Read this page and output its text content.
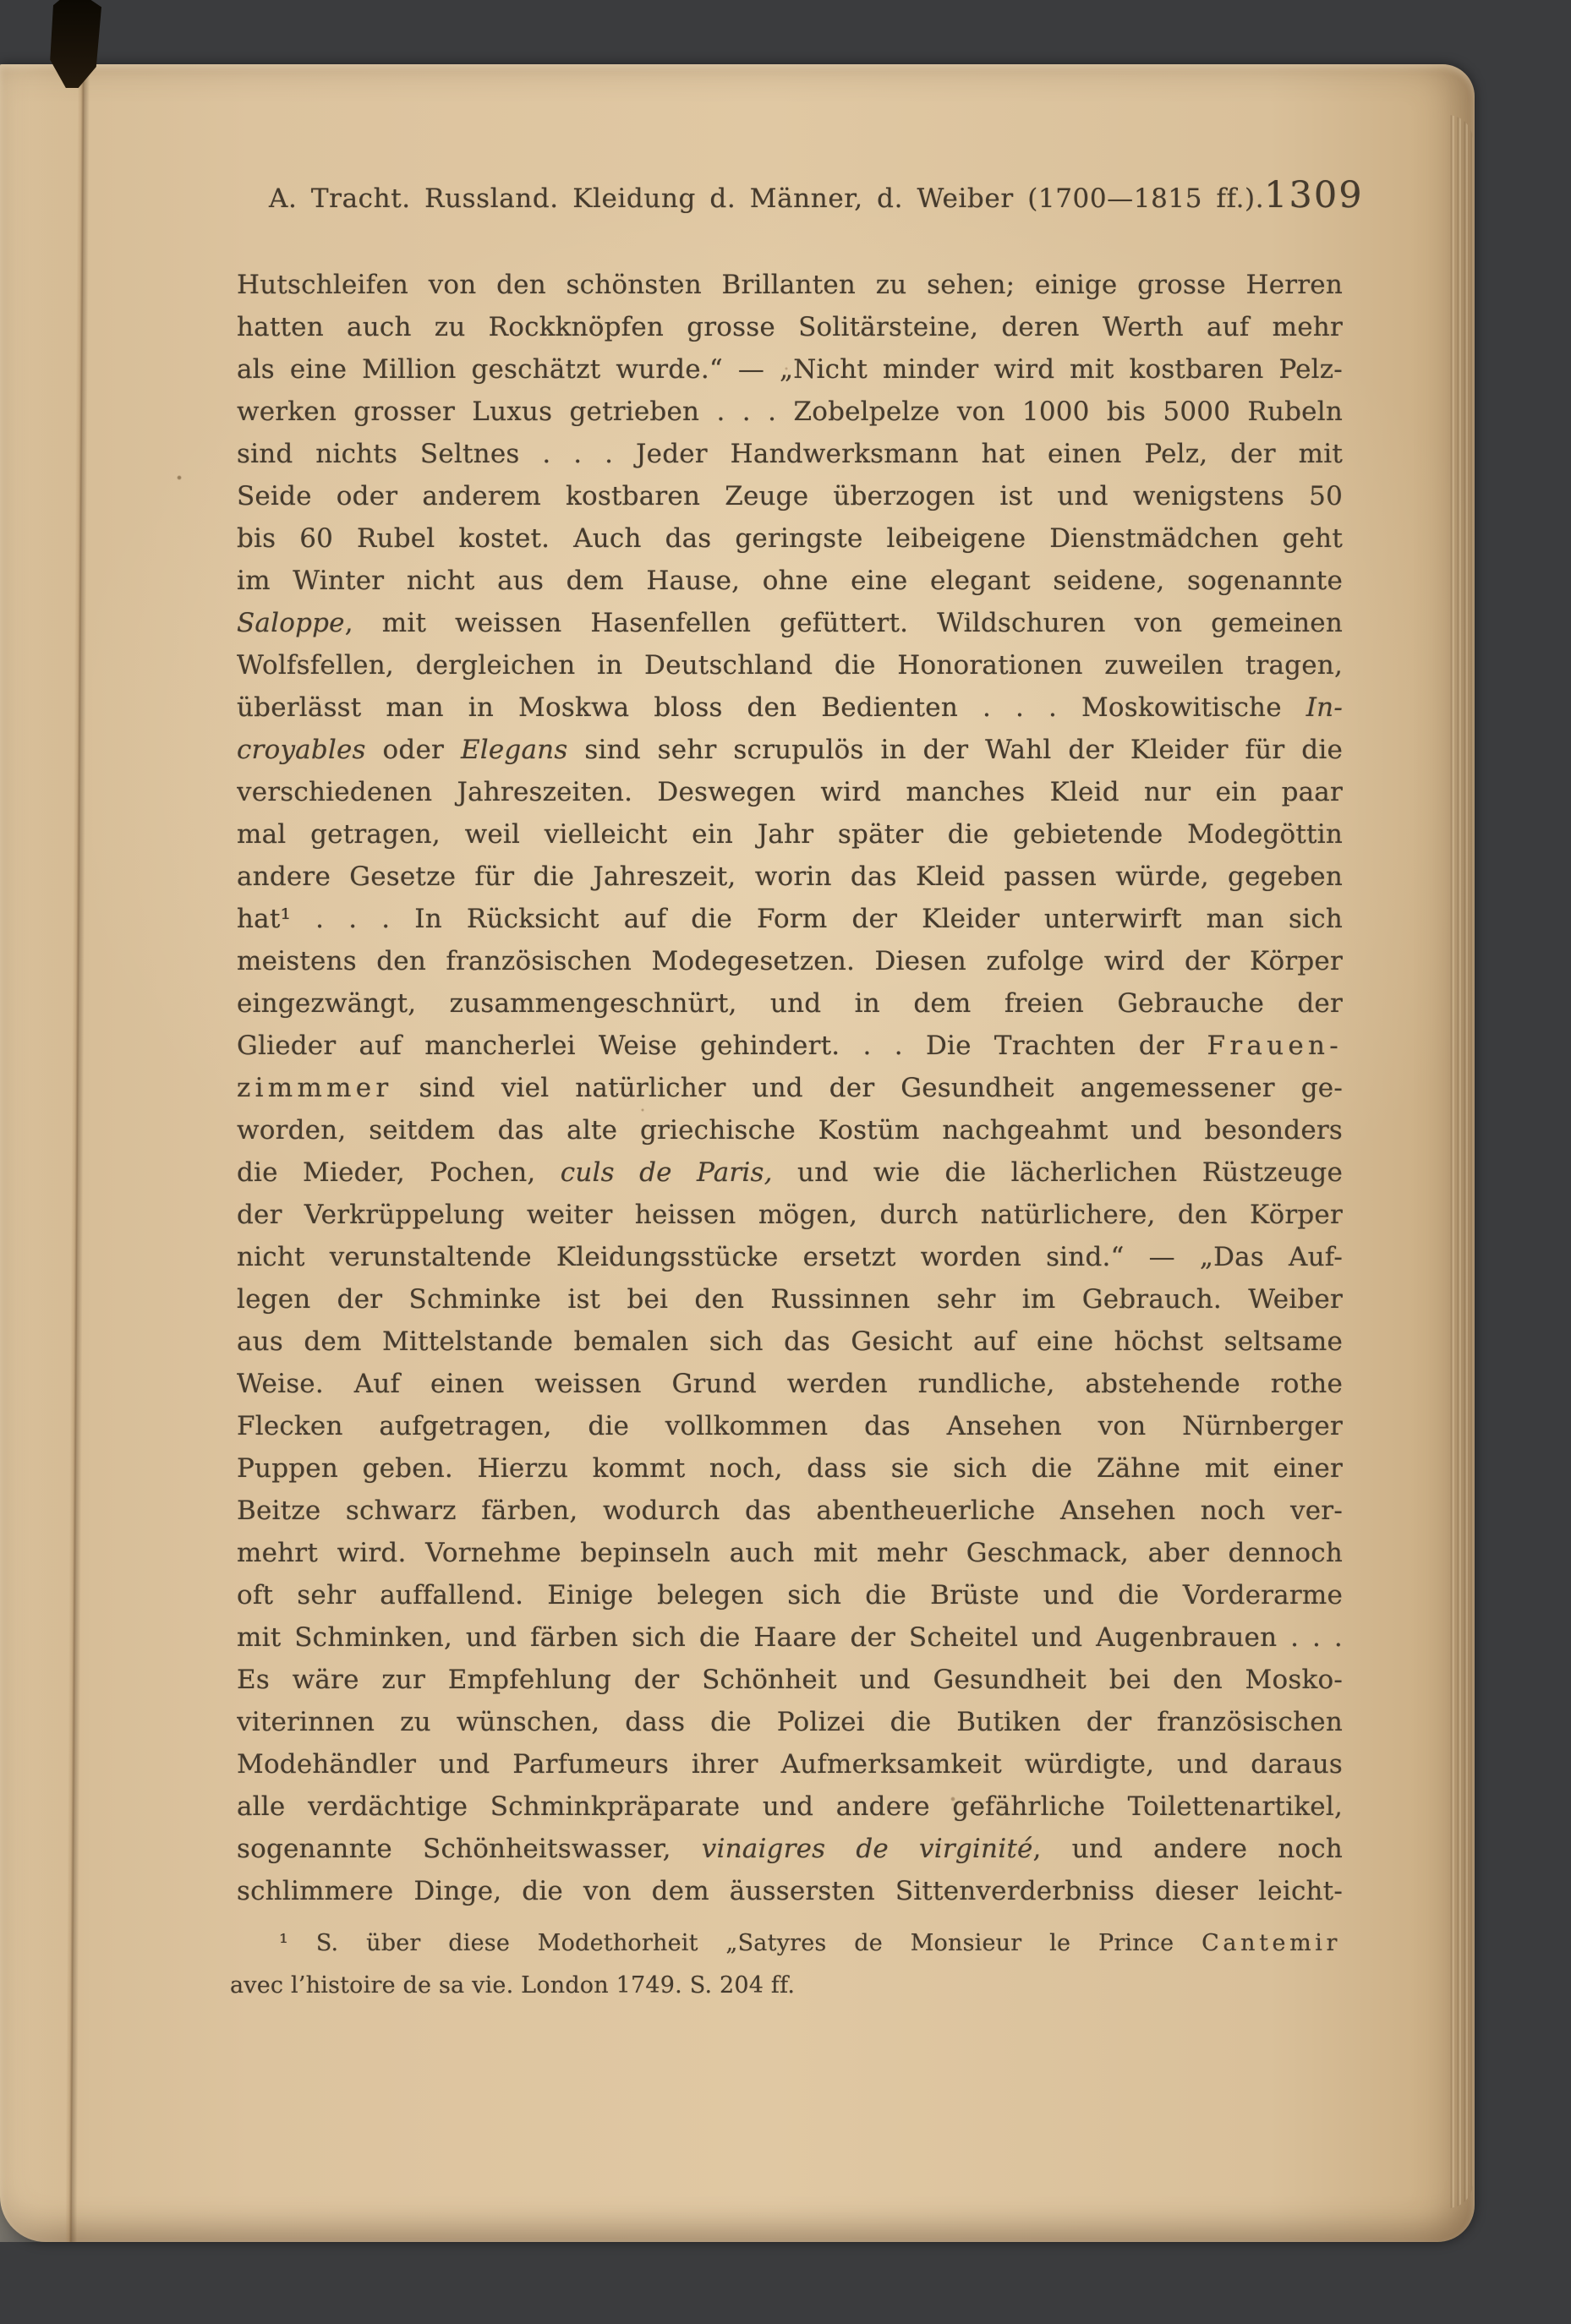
A. Tracht. Russland. Kleidung d. Männer, d. Weiber (1700—1815 ff.). 1309
Hutschleifen von den schönsten Brillanten zu sehen; einige grosse Herren
hatten auch zu Rockknöpfen grosse Solitärsteine, deren Werth auf mehr
als eine Million geschätzt wurde.“ — „Nicht minder wird mit kostbaren Pelz-
werken grosser Luxus getrieben . . . Zobelpelze von 1000 bis 5000 Rubeln
sind nichts Seltnes . . . Jeder Handwerksmann hat einen Pelz, der mit
Seide oder anderem kostbaren Zeuge überzogen ist und wenigstens 50
bis 60 Rubel kostet. Auch das geringste leibeigene Dienstmädchen geht
im Winter nicht aus dem Hause, ohne eine elegant seidene, sogenannte
Saloppe, mit weissen Hasenfellen gefüttert. Wildschuren von gemeinen
Wolfsfellen, dergleichen in Deutschland die Honorationen zuweilen tragen,
überlässt man in Moskwa bloss den Bedienten . . . Moskowitische In-
croyables oder Elegans sind sehr scrupulös in der Wahl der Kleider für die
verschiedenen Jahreszeiten. Deswegen wird manches Kleid nur ein paar
mal getragen, weil vielleicht ein Jahr später die gebietende Modegöttin
andere Gesetze für die Jahreszeit, worin das Kleid passen würde, gegeben
hat¹ . . . In Rücksicht auf die Form der Kleider unterwirft man sich
meistens den französischen Modegesetzen. Diesen zufolge wird der Körper
eingezwängt, zusammengeschnürt, und in dem freien Gebrauche der
Glieder auf mancherlei Weise gehindert. . . Die Trachten der Frauen-
zimmmer sind viel natürlicher und der Gesundheit angemessener ge-
worden, seitdem das alte griechische Kostüm nachgeahmt und besonders
die Mieder, Pochen, culs de Paris, und wie die lächerlichen Rüstzeuge
der Verkrüppelung weiter heissen mögen, durch natürlichere, den Körper
nicht verunstaltende Kleidungsstücke ersetzt worden sind.“ — „Das Auf-
legen der Schminke ist bei den Russinnen sehr im Gebrauch. Weiber
aus dem Mittelstande bemalen sich das Gesicht auf eine höchst seltsame
Weise. Auf einen weissen Grund werden rundliche, abstehende rothe
Flecken aufgetragen, die vollkommen das Ansehen von Nürnberger
Puppen geben. Hierzu kommt noch, dass sie sich die Zähne mit einer
Beitze schwarz färben, wodurch das abentheuerliche Ansehen noch ver-
mehrt wird. Vornehme bepinseln auch mit mehr Geschmack, aber dennoch
oft sehr auffallend. Einige belegen sich die Brüste und die Vorderarme
mit Schminken, und färben sich die Haare der Scheitel und Augenbrauen . . .
Es wäre zur Empfehlung der Schönheit und Gesundheit bei den Mosko-
viterinnen zu wünschen, dass die Polizei die Butiken der französischen
Modehändler und Parfumeurs ihrer Aufmerksamkeit würdigte, und daraus
alle verdächtige Schminkpräparate und andere gefährliche Toilettenartikel,
sogenannte Schönheitswasser, vinaigres de virginité, und andere noch
schlimmere Dinge, die von dem äussersten Sittenverderbniss dieser leicht-
¹ S. über diese Modethorheit „Satyres de Monsieur le Prince Cantemir
avec l’histoire de sa vie. London 1749. S. 204 ff.
